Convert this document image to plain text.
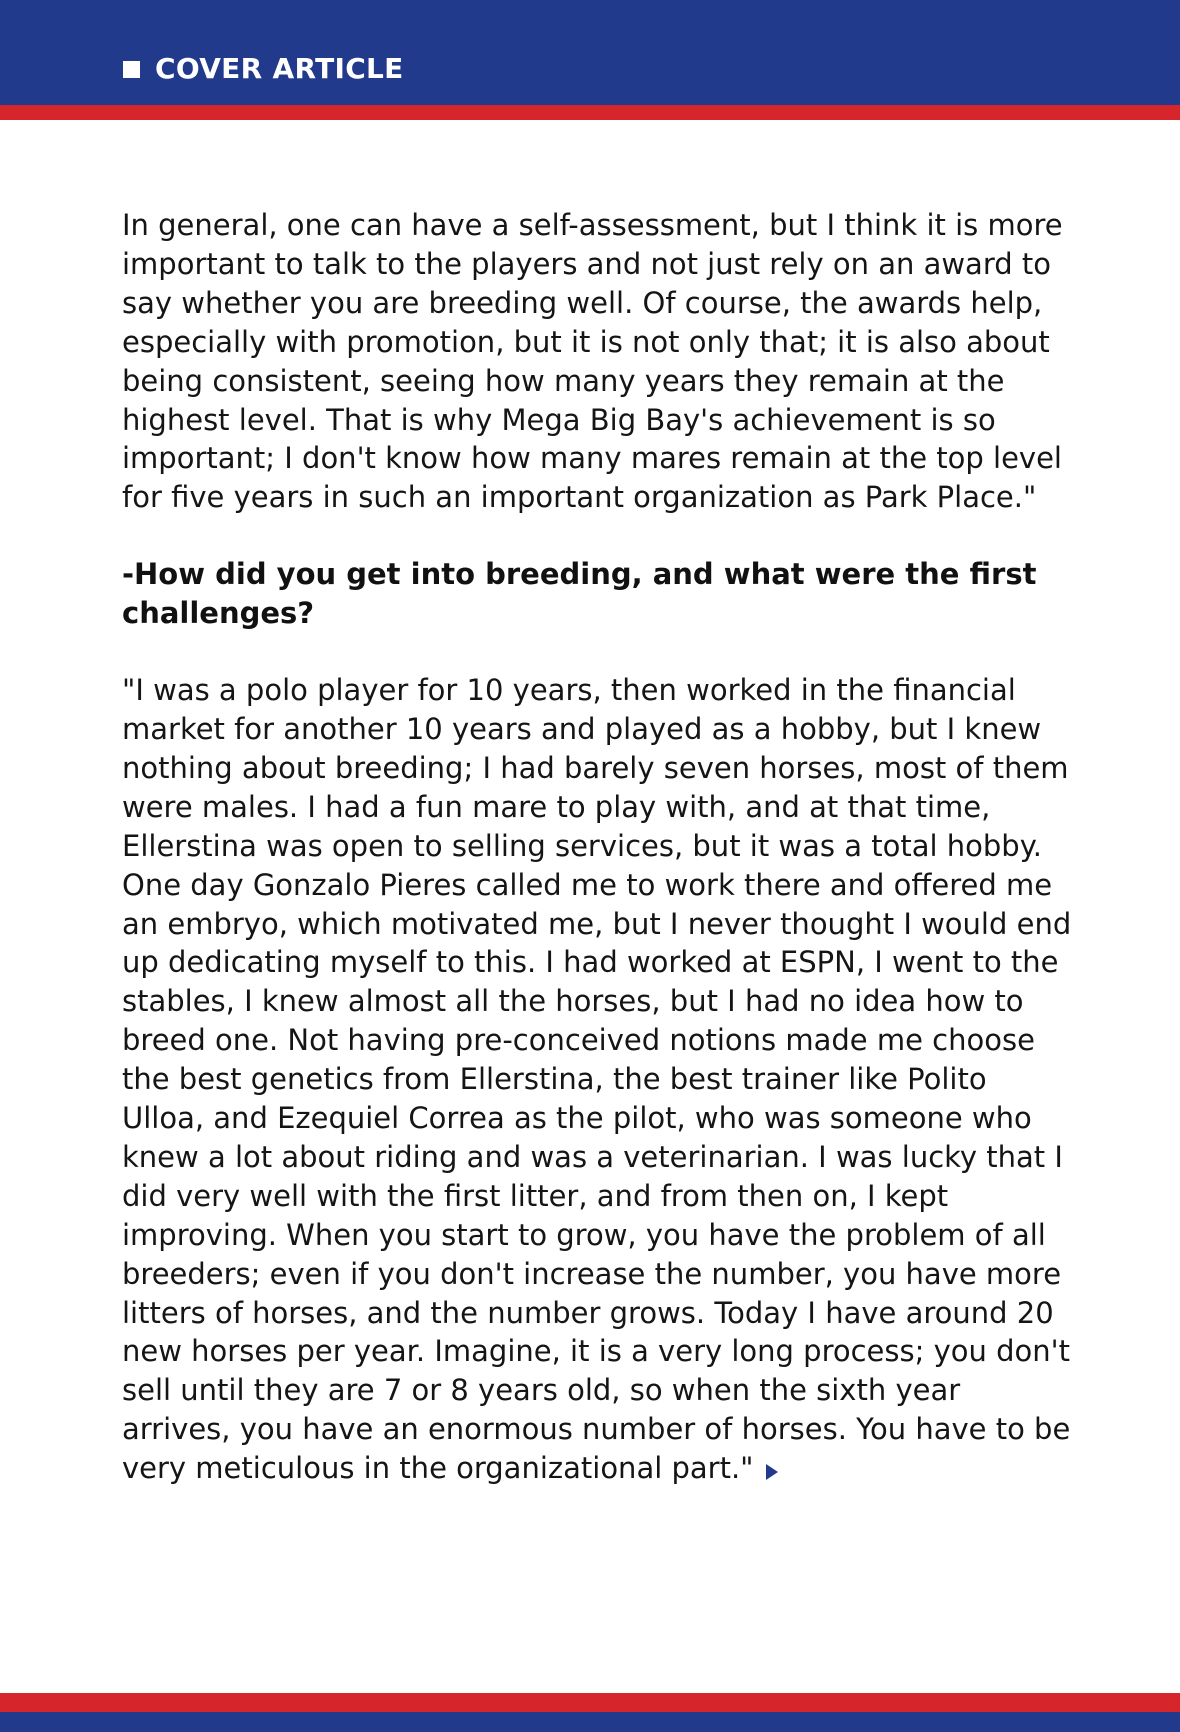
COVER ARTICLE

In general, one can have a self-assessment, but I think it is more important to talk to the players and not just rely on an award to say whether you are breeding well. Of course, the awards help, especially with promotion, but it is not only that; it is also about being consistent, seeing how many years they remain at the highest level. That is why Mega Big Bay's achievement is so important; I don't know how many mares remain at the top level for five years in such an important organization as Park Place."

-How did you get into breeding, and what were the first challenges?

"I was a polo player for 10 years, then worked in the financial market for another 10 years and played as a hobby, but I knew nothing about breeding; I had barely seven horses, most of them were males. I had a fun mare to play with, and at that time, Ellerstina was open to selling services, but it was a total hobby. One day Gonzalo Pieres called me to work there and offered me an embryo, which motivated me, but I never thought I would end up dedicating myself to this. I had worked at ESPN, I went to the stables, I knew almost all the horses, but I had no idea how to breed one. Not having pre-conceived notions made me choose the best genetics from Ellerstina, the best trainer like Polito Ulloa, and Ezequiel Correa as the pilot, who was someone who knew a lot about riding and was a veterinarian. I was lucky that I did very well with the first litter, and from then on, I kept improving. When you start to grow, you have the problem of all breeders; even if you don't increase the number, you have more litters of horses, and the number grows. Today I have around 20 new horses per year. Imagine, it is a very long process; you don't sell until they are 7 or 8 years old, so when the sixth year arrives, you have an enormous number of horses. You have to be very meticulous in the organizational part."
